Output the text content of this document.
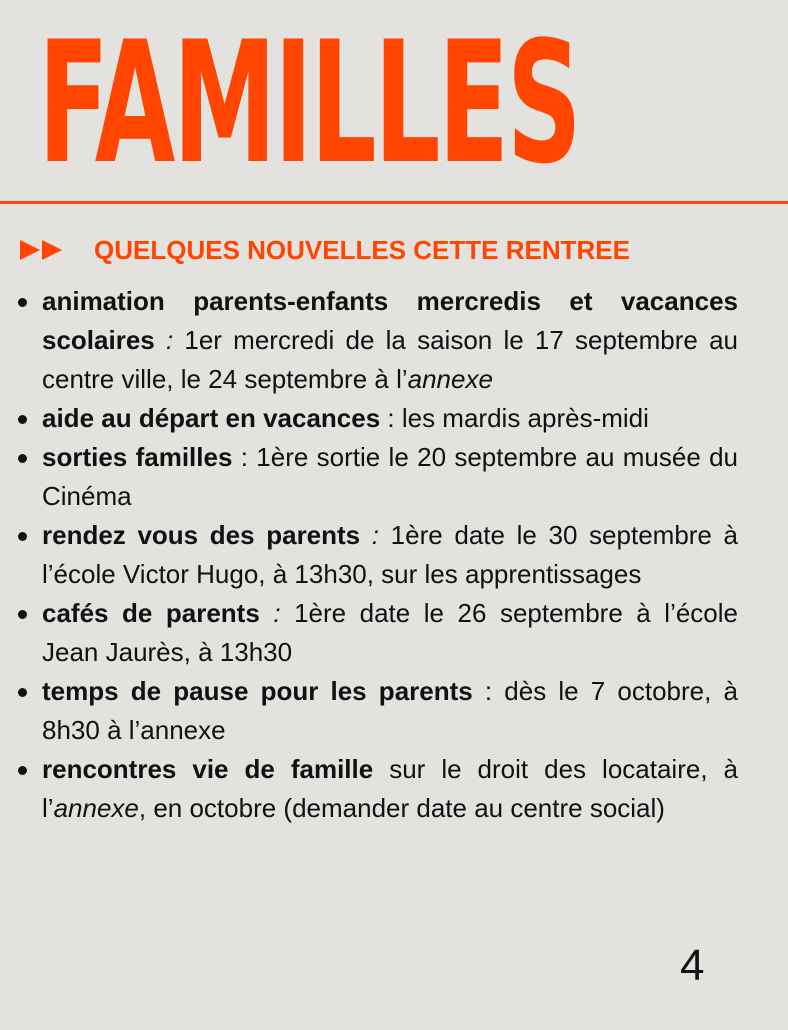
FAMILLES
QUELQUES NOUVELLES CETTE RENTREE
animation parents-enfants mercredis et vacances scolaires : 1er mercredi de la saison le 17 septembre au centre ville, le 24 septembre à l’annexe
aide au départ en vacances : les mardis après-midi
sorties familles : 1ère sortie le 20 septembre au musée du Cinéma
rendez vous des parents : 1ère date le 30 septembre à l’école Victor Hugo, à 13h30, sur les apprentissages
cafés de parents : 1ère date le 26 septembre à l’école Jean Jaurès, à 13h30
temps de pause pour les parents : dès le 7 octobre, à 8h30 à l’annexe
rencontres vie de famille sur le droit des locataire, à l’annexe, en octobre (demander date au centre social)
4
